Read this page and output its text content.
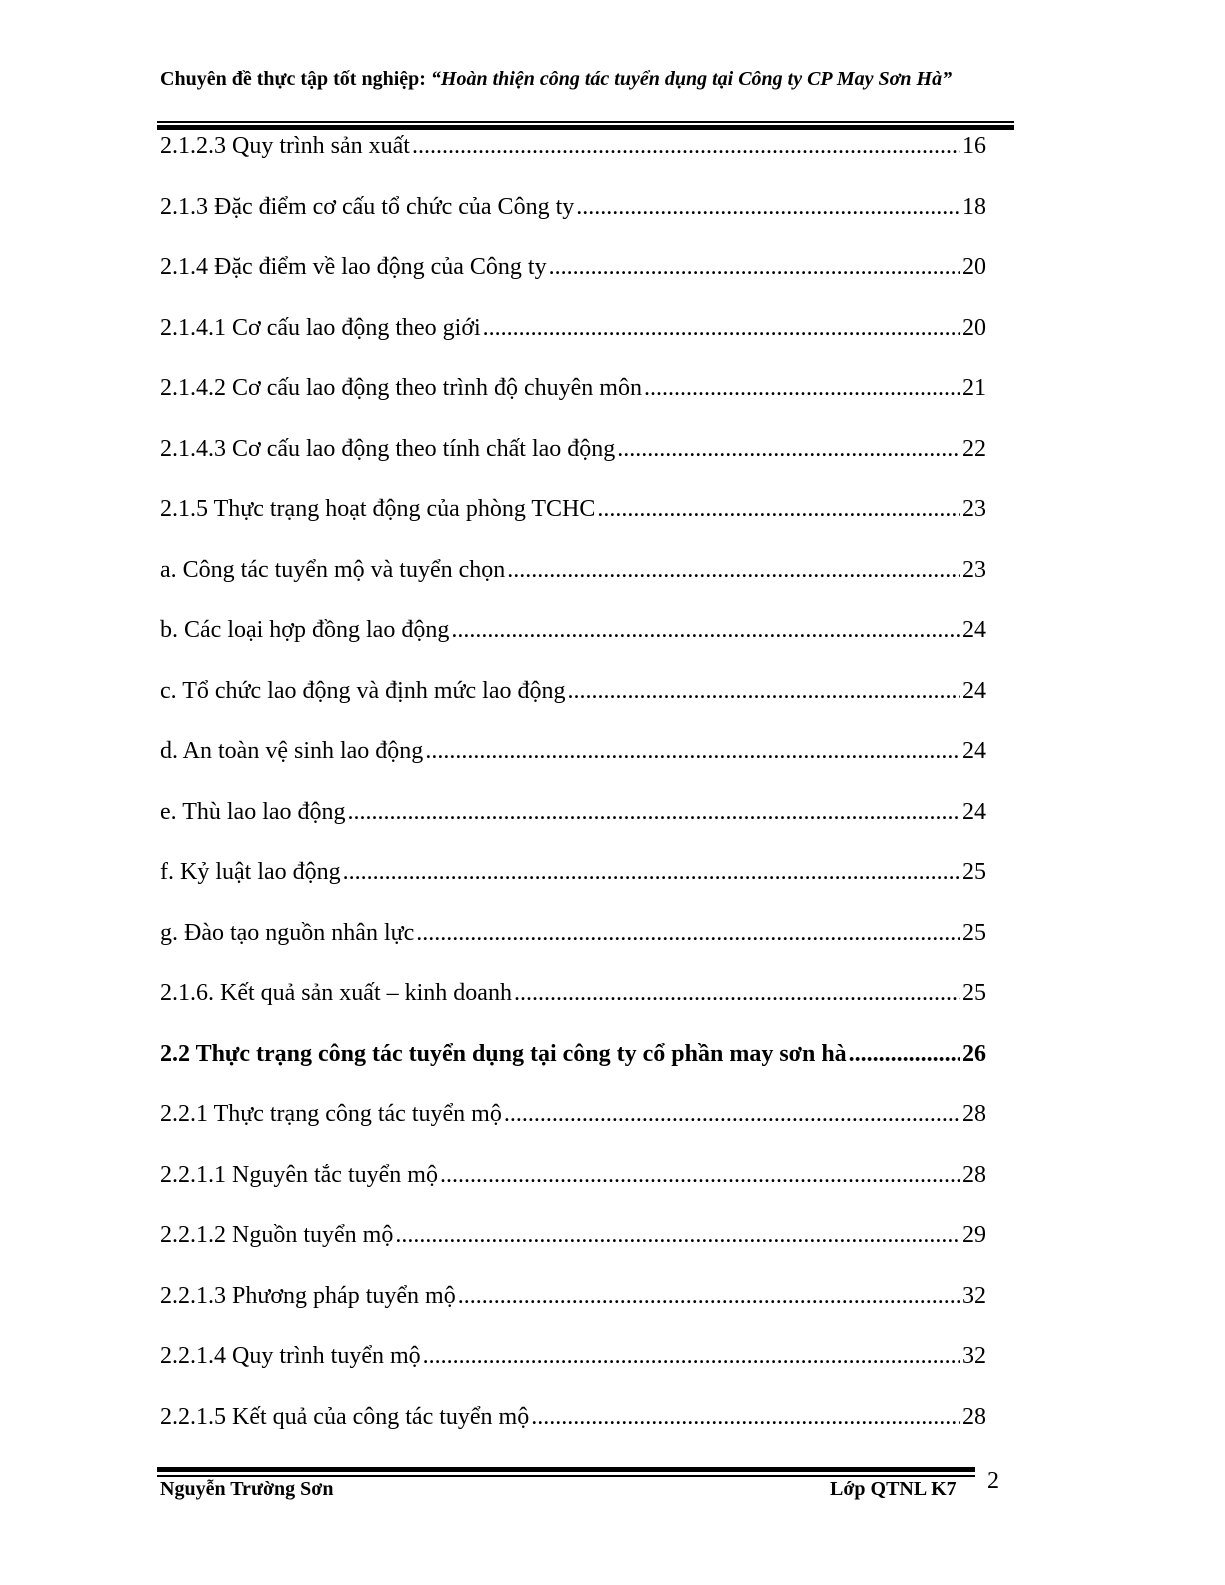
Chuyên đề thực tập tốt nghiệp: “Hoàn thiện công tác tuyển dụng tại Công ty CP May Sơn Hà”
2.1.2.3 Quy trình sản xuất .....	16
2.1.3 Đặc điểm cơ cấu tổ chức của Công ty .....	18
2.1.4 Đặc điểm về lao động của Công ty .....	20
2.1.4.1 Cơ cấu lao động theo giới .....	20
2.1.4.2 Cơ cấu lao động theo trình độ chuyên môn .....	21
2.1.4.3 Cơ cấu lao động theo tính chất lao động .....	22
2.1.5 Thực trạng hoạt động của phòng TCHC .....	23
a. Công tác tuyển mộ và tuyển chọn .....	23
b. Các loại hợp đồng lao động .....	24
c. Tổ chức lao động và định mức lao động .....	24
d. An toàn vệ sinh lao động .....	24
e. Thù lao lao động .....	24
f. Kỷ luật lao động .....	25
g. Đào tạo nguồn nhân lực .....	25
2.1.6. Kết quả sản xuất – kinh doanh .....	25
2.2 Thực trạng công tác tuyển dụng tại công ty cổ phần may sơn hà .....	26
2.2.1 Thực trạng công tác tuyển mộ .....	28
2.2.1.1 Nguyên tắc tuyển mộ .....	28
2.2.1.2 Nguồn tuyển mộ .....	29
2.2.1.3 Phương pháp tuyển mộ .....	32
2.2.1.4 Quy trình tuyển mộ .....	32
2.2.1.5 Kết quả của công tác tuyển mộ .....	28
Nguyễn Trường Sơn	Lớp QTNL K7 2
